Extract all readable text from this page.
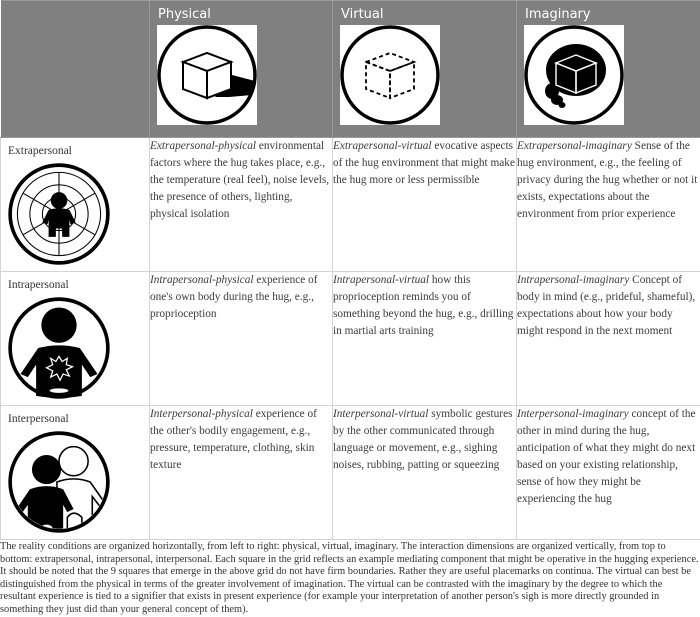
	Physical	Virtual	Imaginary

Extrapersonal	Extrapersonal-physical environmental factors where the hug takes place, e.g., the temperature (real feel), noise levels, the presence of others, lighting, physical isolation	Extrapersonal-virtual evocative aspects of the hug environment that might make the hug more or less permissible	Extrapersonal-imaginary Sense of the hug environment, e.g., the feeling of privacy during the hug whether or not it exists, expectations about the environment from prior experience

Intrapersonal	Intrapersonal-physical experience of one's own body during the hug, e.g., proprioception	Intrapersonal-virtual how this proprioception reminds you of something beyond the hug, e.g., drilling in martial arts training	Intrapersonal-imaginary Concept of body in mind (e.g., prideful, shameful), expectations about how your body might respond in the next moment

Interpersonal	Interpersonal-physical experience of the other's bodily engagement, e.g., pressure, temperature, clothing, skin texture	Interpersonal-virtual symbolic gestures by the other communicated through language or movement, e.g., sighing noises, rubbing, patting or squeezing	Interpersonal-imaginary concept of the other in mind during the hug, anticipation of what they might do next based on your existing relationship, sense of how they might be experiencing the hug

The reality conditions are organized horizontally, from left to right: physical, virtual, imaginary. The interaction dimensions are organized vertically, from top to bottom: extrapersonal, intrapersonal, interpersonal. Each square in the grid reflects an example mediating component that might be operative in the hugging experience. It should be noted that the 9 squares that emerge in the above grid do not have firm boundaries. Rather they are useful placemarks on continua. The virtual can best be distinguished from the physical in terms of the greater involvement of imagination. The virtual can be contrasted with the imaginary by the degree to which the resultant experience is tied to a signifier that exists in present experience (for example your interpretation of another person's sigh is more directly grounded in something they just did than your general concept of them).
